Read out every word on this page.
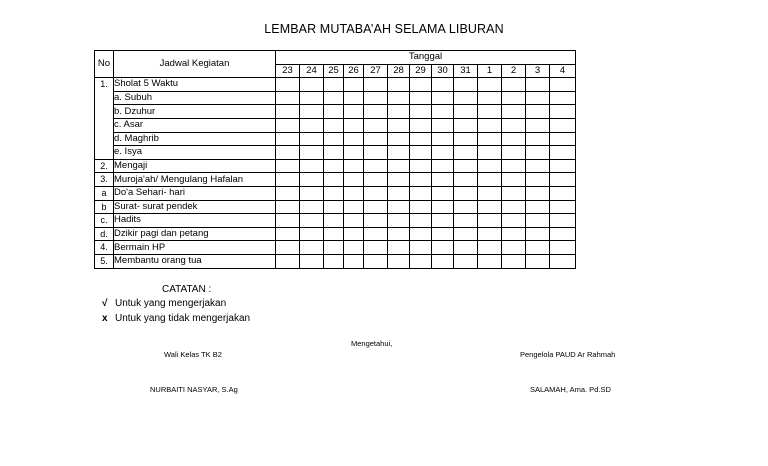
LEMBAR MUTABA’AH SELAMA LIBURAN
No	Jadwal Kegiatan	Tanggal												
		23	24	25	26	27	28	29	30	31	1	2	3	4
1.	Sholat 5 Waktu													
	a. Subuh													
	b. Dzuhur													
	c. Asar													
	d. Maghrib													
	e. Isya													
2.	Mengaji													
3.	Muroja'ah/ Mengulang Hafalan													
a	Do'a Sehari- hari													
b	Surat- surat pendek													
c.	Hadits													
d.	Dzikir pagi dan petang													
4.	Bermain HP													
5.	Membantu orang tua													
CATATAN :
√ Untuk yang mengerjakan
x Untuk yang tidak mengerjakan
Mengetahui,
Wali Kelas TK B2	Pengelola PAUD Ar Rahmah
NURBAITI NASYAR, S.Ag	SALAMAH, Ama. Pd.SD
